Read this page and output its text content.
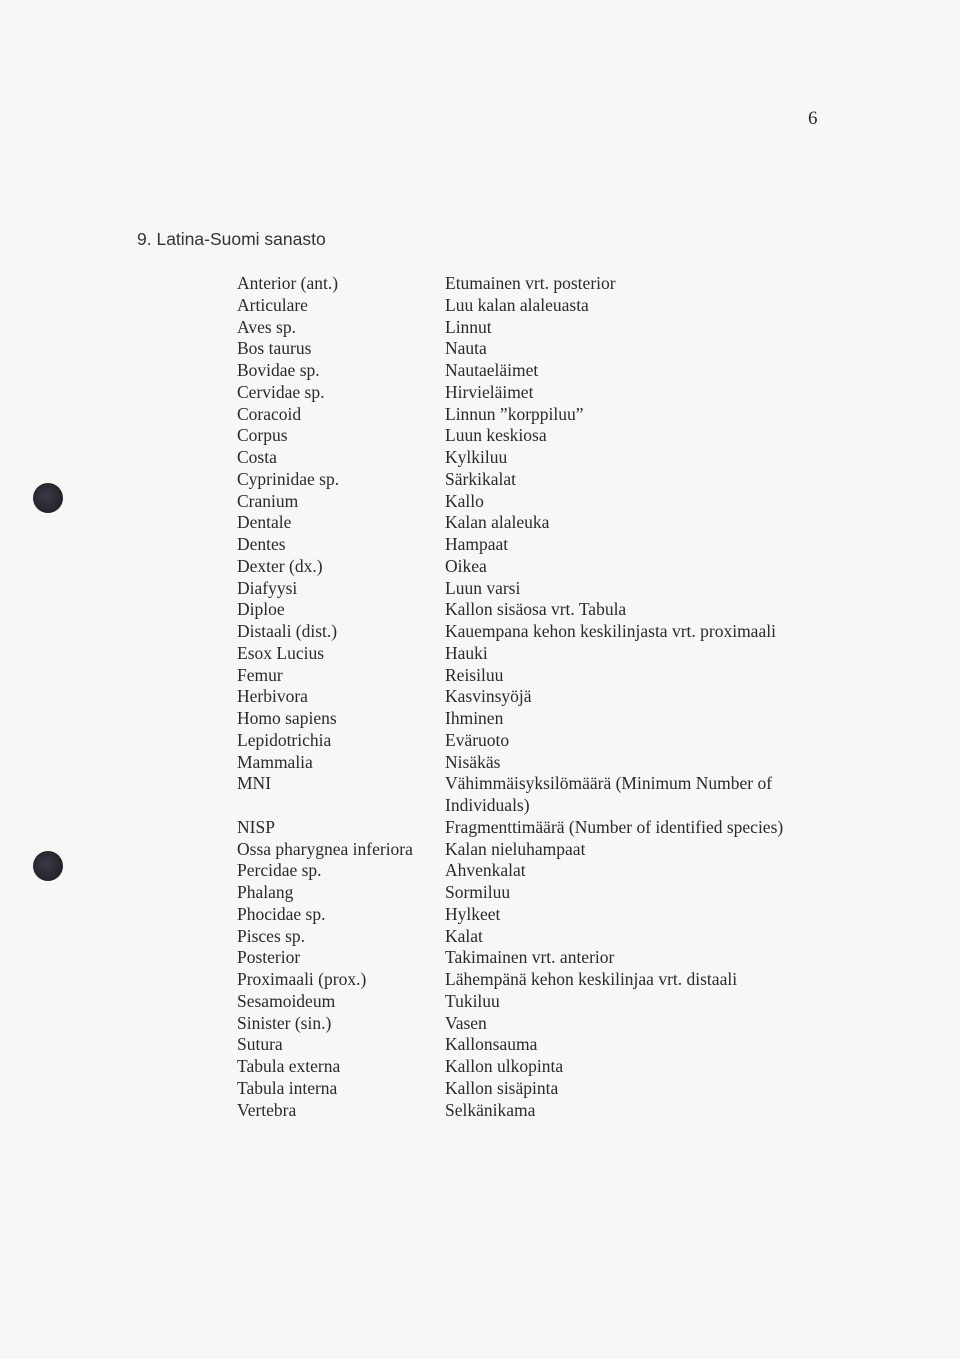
6
9. Latina-Suomi sanasto
Anterior (ant.)	Etumainen vrt. posterior
Articulare	Luu kalan alaleuasta
Aves sp.	Linnut
Bos taurus	Nauta
Bovidae sp.	Nautaeläimet
Cervidae sp.	Hirvieläimet
Coracoid	Linnun ”korppiluu”
Corpus	Luun keskiosa
Costa	Kylkiluu
Cyprinidae sp.	Särkikalat
Cranium	Kallo
Dentale	Kalan alaleuka
Dentes	Hampaat
Dexter (dx.)	Oikea
Diafyysi	Luun varsi
Diploe	Kallon sisäosa vrt. Tabula
Distaali (dist.)	Kauempana kehon keskilinjasta vrt. proximaali
Esox Lucius	Hauki
Femur	Reisiluu
Herbivora	Kasvinsyöjä
Homo sapiens	Ihminen
Lepidotrichia	Eväruoto
Mammalia	Nisäkäs
MNI	Vähimmäisyksilömäärä (Minimum Number of Individuals)
NISP	Fragmenttimäärä (Number of identified species)
Ossa pharygnea inferiora	Kalan nieluhampaat
Percidae sp.	Ahvenkalat
Phalang	Sormiluu
Phocidae sp.	Hylkeet
Pisces sp.	Kalat
Posterior	Takimainen vrt. anterior
Proximaali (prox.)	Lähempänä kehon keskilinjaa vrt. distaali
Sesamoideum	Tukiluu
Sinister (sin.)	Vasen
Sutura	Kallonsauma
Tabula externa	Kallon ulkopinta
Tabula interna	Kallon sisäpinta
Vertebra	Selkänikama
